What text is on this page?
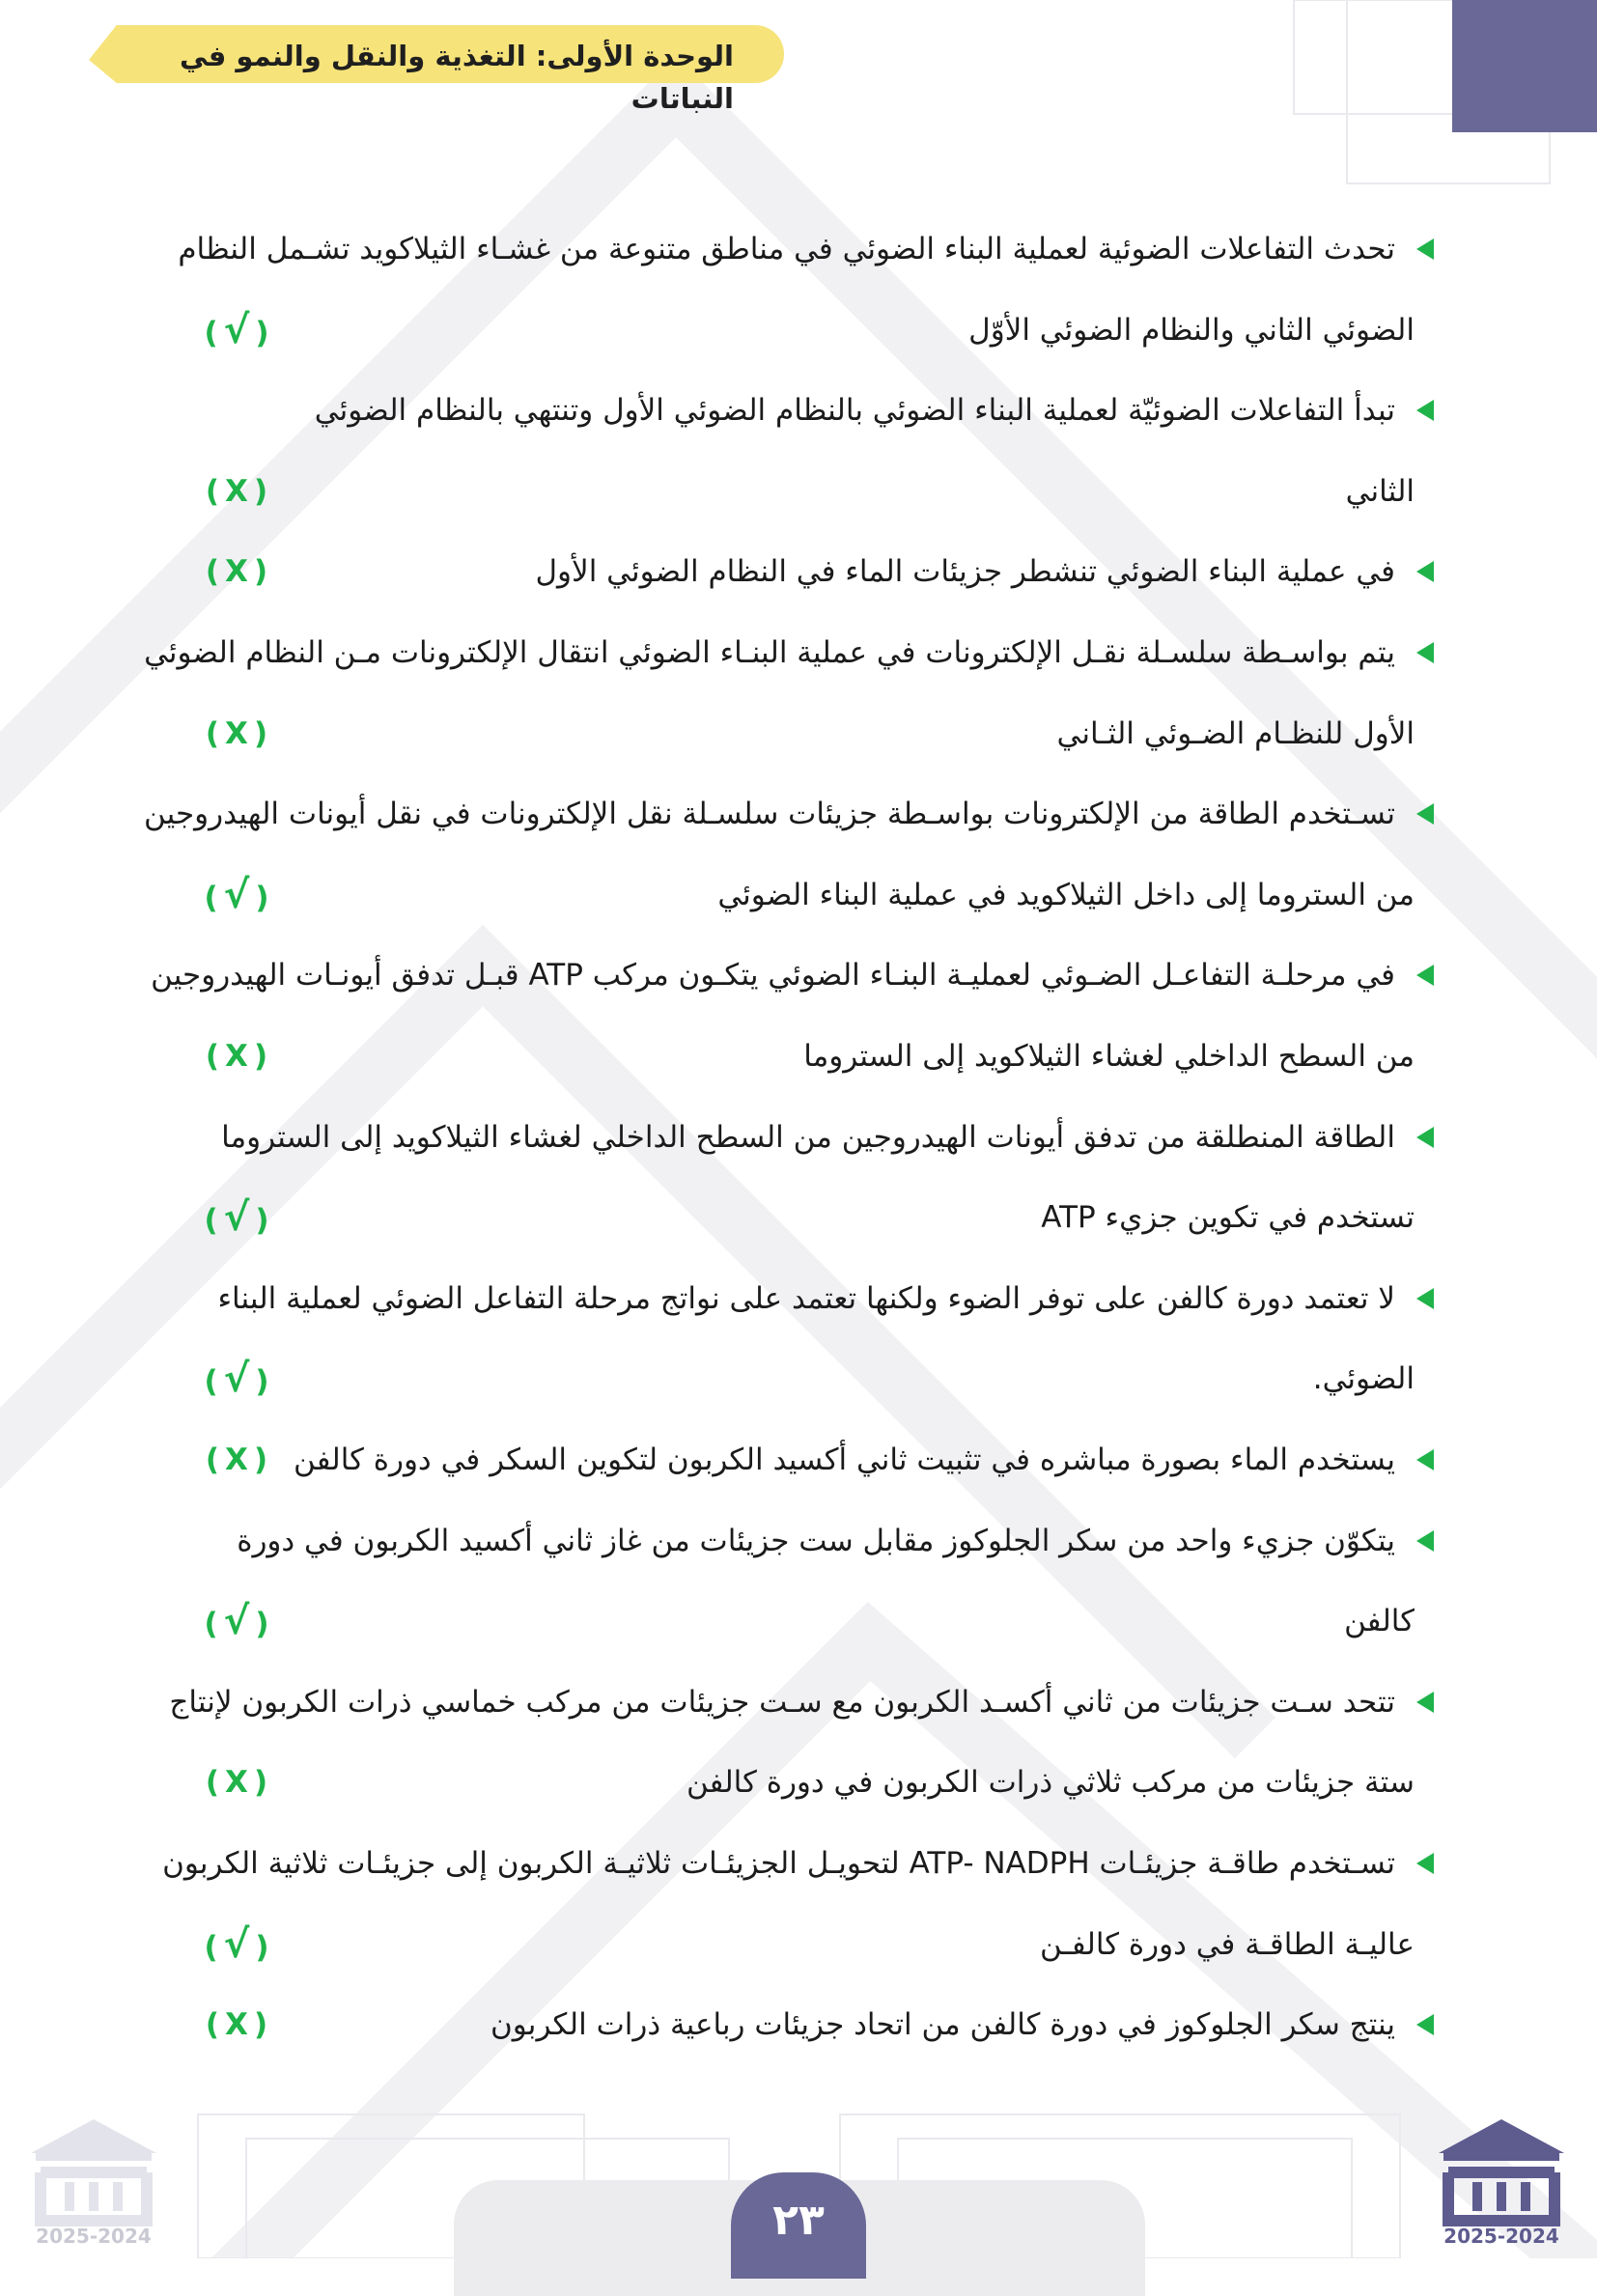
الوحدة الأولى: التغذية والنقل والنمو في النباتات
تحدث التفاعلات الضوئية لعملية البناء الضوئي في مناطق متنوعة من غشـاء الثيلاكويد تشـمل النظام
الضوئي الثاني والنظام الضوئي الأوّل
( √ )
تبدأ التفاعلات الضوئيّة لعملية البناء الضوئي بالنظام الضوئي الأول وتنتهي بالنظام الضوئي
الثاني
( X )
في عملية البناء الضوئي تنشطر جزيئات الماء في النظام الضوئي الأول
( X )
يتم بواسـطة سلسـلة نقـل الإلكترونات في عملية البنـاء الضوئي انتقال الإلكترونات مـن النظام الضوئي
الأول للنظـام الضـوئي الثـاني
( X )
تسـتخدم الطاقة من الإلكترونات بواسـطة جزيئات سلسـلة نقل الإلكترونات في نقل أيونات الهيدروجين
من الستروما إلى داخل الثيلاكويد في عملية البناء الضوئي
( √ )
في مرحلـة التفاعـل الضـوئي لعمليـة البنـاء الضوئي يتكـون مركب ATP قبـل تدفق أيونـات الهيدروجين
من السطح الداخلي لغشاء الثيلاكويد إلى الستروما
( X )
الطاقة المنطلقة من تدفق أيونات الهيدروجين من السطح الداخلي لغشاء الثيلاكويد إلى الستروما
تستخدم في تكوين جزيء ATP
( √ )
لا تعتمد دورة كالفن على توفر الضوء ولكنها تعتمد على نواتج مرحلة التفاعل الضوئي لعملية البناء
الضوئي.
( √ )
يستخدم الماء بصورة مباشره في تثبيت ثاني أكسيد الكربون لتكوين السكر في دورة كالفن
( X )
يتكوّن جزيء واحد من سكر الجلوكوز مقابل ست جزيئات من غاز ثاني أكسيد الكربون في دورة
كالفن
( √ )
تتحد سـت جزيئات من ثاني أكسـد الكربون مع سـت جزيئات من مركب خماسي ذرات الكربون لإنتاج
ستة جزيئات من مركب ثلاثي ذرات الكربون في دورة كالفن
( X )
تسـتخدم طاقـة جزيئـات ATP- NADPH لتحويـل الجزيئـات ثلاثيـة الكربون إلى جزيئـات ثلاثية الكربون
عاليـة الطاقـة في دورة كالفـن
( √ )
ينتج سكر الجلوكوز في دورة كالفن من اتحاد جزيئات رباعية ذرات الكربون
( X )
٢٣
2025-2024	2025-2024
